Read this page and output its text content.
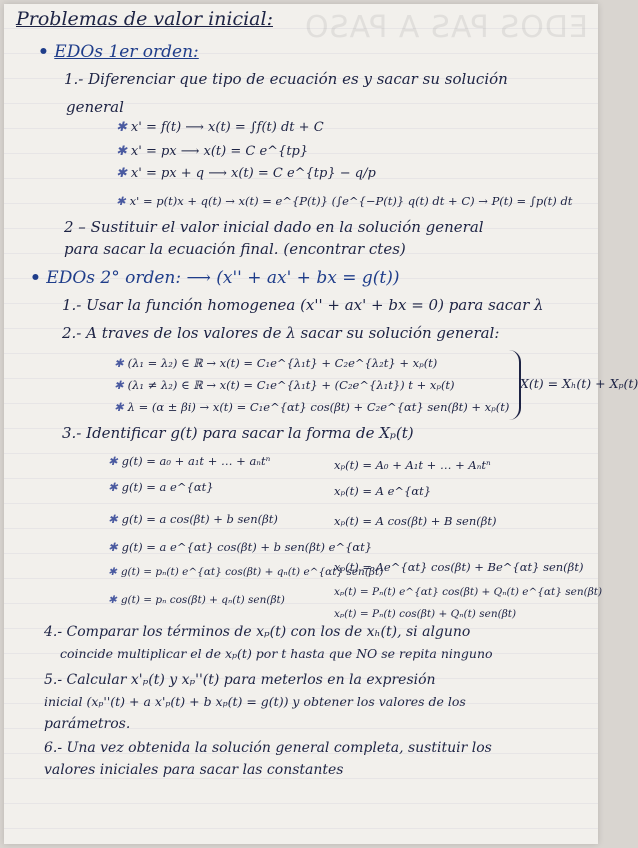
EDOS PAS A PASO
Problemas de valor inicial:
• EDOs 1er orden:
1.- Diferenciar que tipo de ecuación es y sacar su solución
general
✱ x' = f(t) ⟶ x(t) = ∫f(t) dt + C
✱ x' = px ⟶ x(t) = C e^{tp}
✱ x' = px + q ⟶ x(t) = C e^{tp} − q/p
✱ x' = p(t)x + q(t) → x(t) = e^{P(t)} (∫e^{−P(t)} q(t) dt + C) → P(t) = ∫p(t) dt
2 – Sustituir el valor inicial dado en la solución general
para sacar la ecuación final. (encontrar ctes)
• EDOs 2° orden: ⟶ (x'' + ax' + bx = g(t))
1.- Usar la función homogenea (x'' + ax' + bx = 0) para sacar λ
2.- A traves de los valores de λ sacar su solución general:
✱ (λ₁ = λ₂) ∈ ℝ → x(t) = C₁e^{λ₁t} + C₂e^{λ₂t} + xₚ(t)
✱ (λ₁ ≠ λ₂) ∈ ℝ → x(t) = C₁e^{λ₁t} + (C₂e^{λ₁t}) t + xₚ(t)
✱ λ = (α ± βi) → x(t) = C₁e^{αt} cos(βt) + C₂e^{αt} sen(βt) + xₚ(t)
X(t) = Xₕ(t) + Xₚ(t)
3.- Identificar g(t) para sacar la forma de Xₚ(t)
✱ g(t) = a₀ + a₁t + … + aₙtⁿ	xₚ(t) = A₀ + A₁t + … + Aₙtⁿ
✱ g(t) = a e^{αt}	xₚ(t) = A e^{αt}
✱ g(t) = a cos(βt) + b sen(βt)	xₚ(t) = A cos(βt) + B sen(βt)
✱ g(t) = a e^{αt} cos(βt) + b sen(βt) e^{αt}
xₚ(t) = Ae^{αt} cos(βt) + Be^{αt} sen(βt)
✱ g(t) = pₙ(t) e^{αt} cos(βt) + qₙ(t) e^{αt} sen(βt)
xₚ(t) = Pₙ(t) e^{αt} cos(βt) + Qₙ(t) e^{αt} sen(βt)
✱ g(t) = pₙ cos(βt) + qₙ(t) sen(βt)
xₚ(t) = Pₙ(t) cos(βt) + Qₙ(t) sen(βt)
4.- Comparar los términos de xₚ(t) con los de xₕ(t), si alguno
coincide multiplicar el de xₚ(t) por t hasta que NO se repita ninguno
5.- Calcular x'ₚ(t) y xₚ''(t) para meterlos en la expresión
inicial (xₚ''(t) + a x'ₚ(t) + b xₚ(t) = g(t)) y obtener los valores de los
parámetros.
6.- Una vez obtenida la solución general completa, sustituir los
valores iniciales para sacar las constantes
